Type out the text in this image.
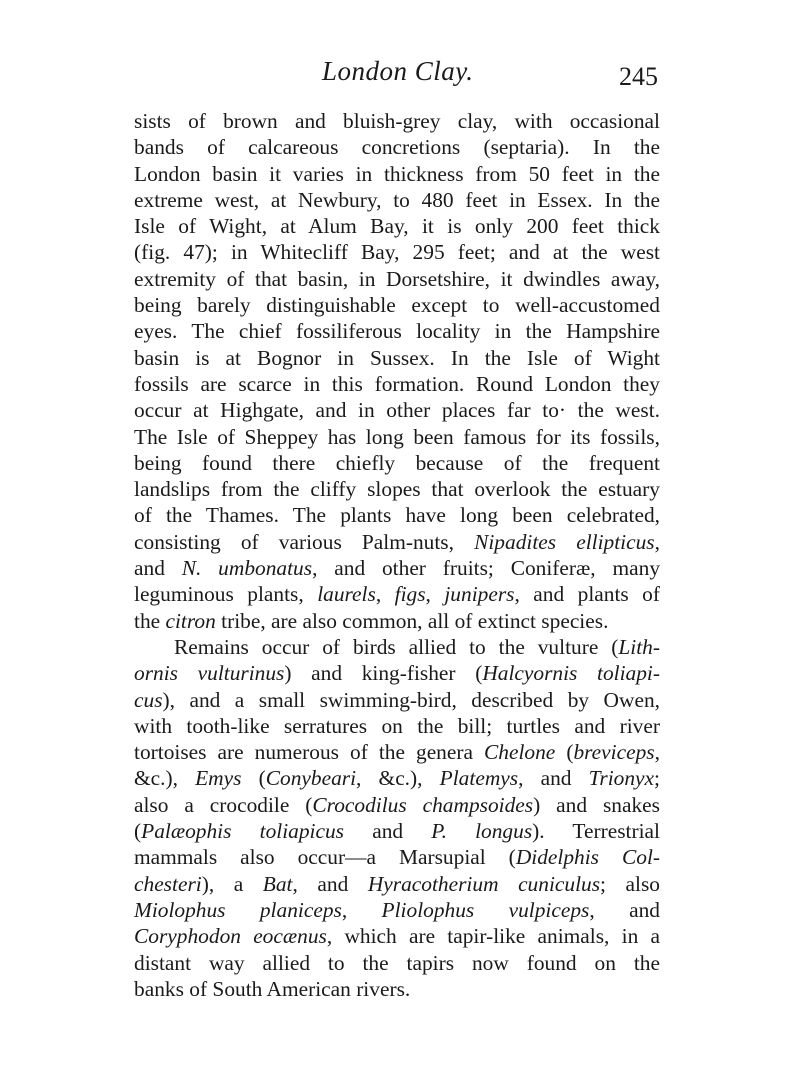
London Clay.	245
sists of brown and bluish-grey clay, with occasional
bands of calcareous concretions (septaria). In the
London basin it varies in thickness from 50 feet in the
extreme west, at Newbury, to 480 feet in Essex. In the
Isle of Wight, at Alum Bay, it is only 200 feet thick
(fig. 47); in Whitecliff Bay, 295 feet; and at the west
extremity of that basin, in Dorsetshire, it dwindles away,
being barely distinguishable except to well-accustomed
eyes. The chief fossiliferous locality in the Hampshire
basin is at Bognor in Sussex. In the Isle of Wight
fossils are scarce in this formation. Round London they
occur at Highgate, and in other places far to· the west.
The Isle of Sheppey has long been famous for its fossils,
being found there chiefly because of the frequent
landslips from the cliffy slopes that overlook the estuary
of the Thames. The plants have long been celebrated,
consisting of various Palm-nuts, Nipadites ellipticus,
and N. umbonatus, and other fruits; Coniferæ, many
leguminous plants, laurels, figs, junipers, and plants of
the citron tribe, are also common, all of extinct species.
Remains occur of birds allied to the vulture (Lith-
ornis vulturinus) and king-fisher (Halcyornis toliapi-
cus), and a small swimming-bird, described by Owen,
with tooth-like serratures on the bill; turtles and river
tortoises are numerous of the genera Chelone (breviceps,
&c.), Emys (Conybeari, &c.), Platemys, and Trionyx;
also a crocodile (Crocodilus champsoides) and snakes
(Palæophis toliapicus and P. longus). Terrestrial
mammals also occur—a Marsupial (Didelphis Col-
chesteri), a Bat, and Hyracotherium cuniculus; also
Miolophus planiceps, Pliolophus vulpiceps, and
Coryphodon eocænus, which are tapir-like animals, in a
distant way allied to the tapirs now found on the
banks of South American rivers.
